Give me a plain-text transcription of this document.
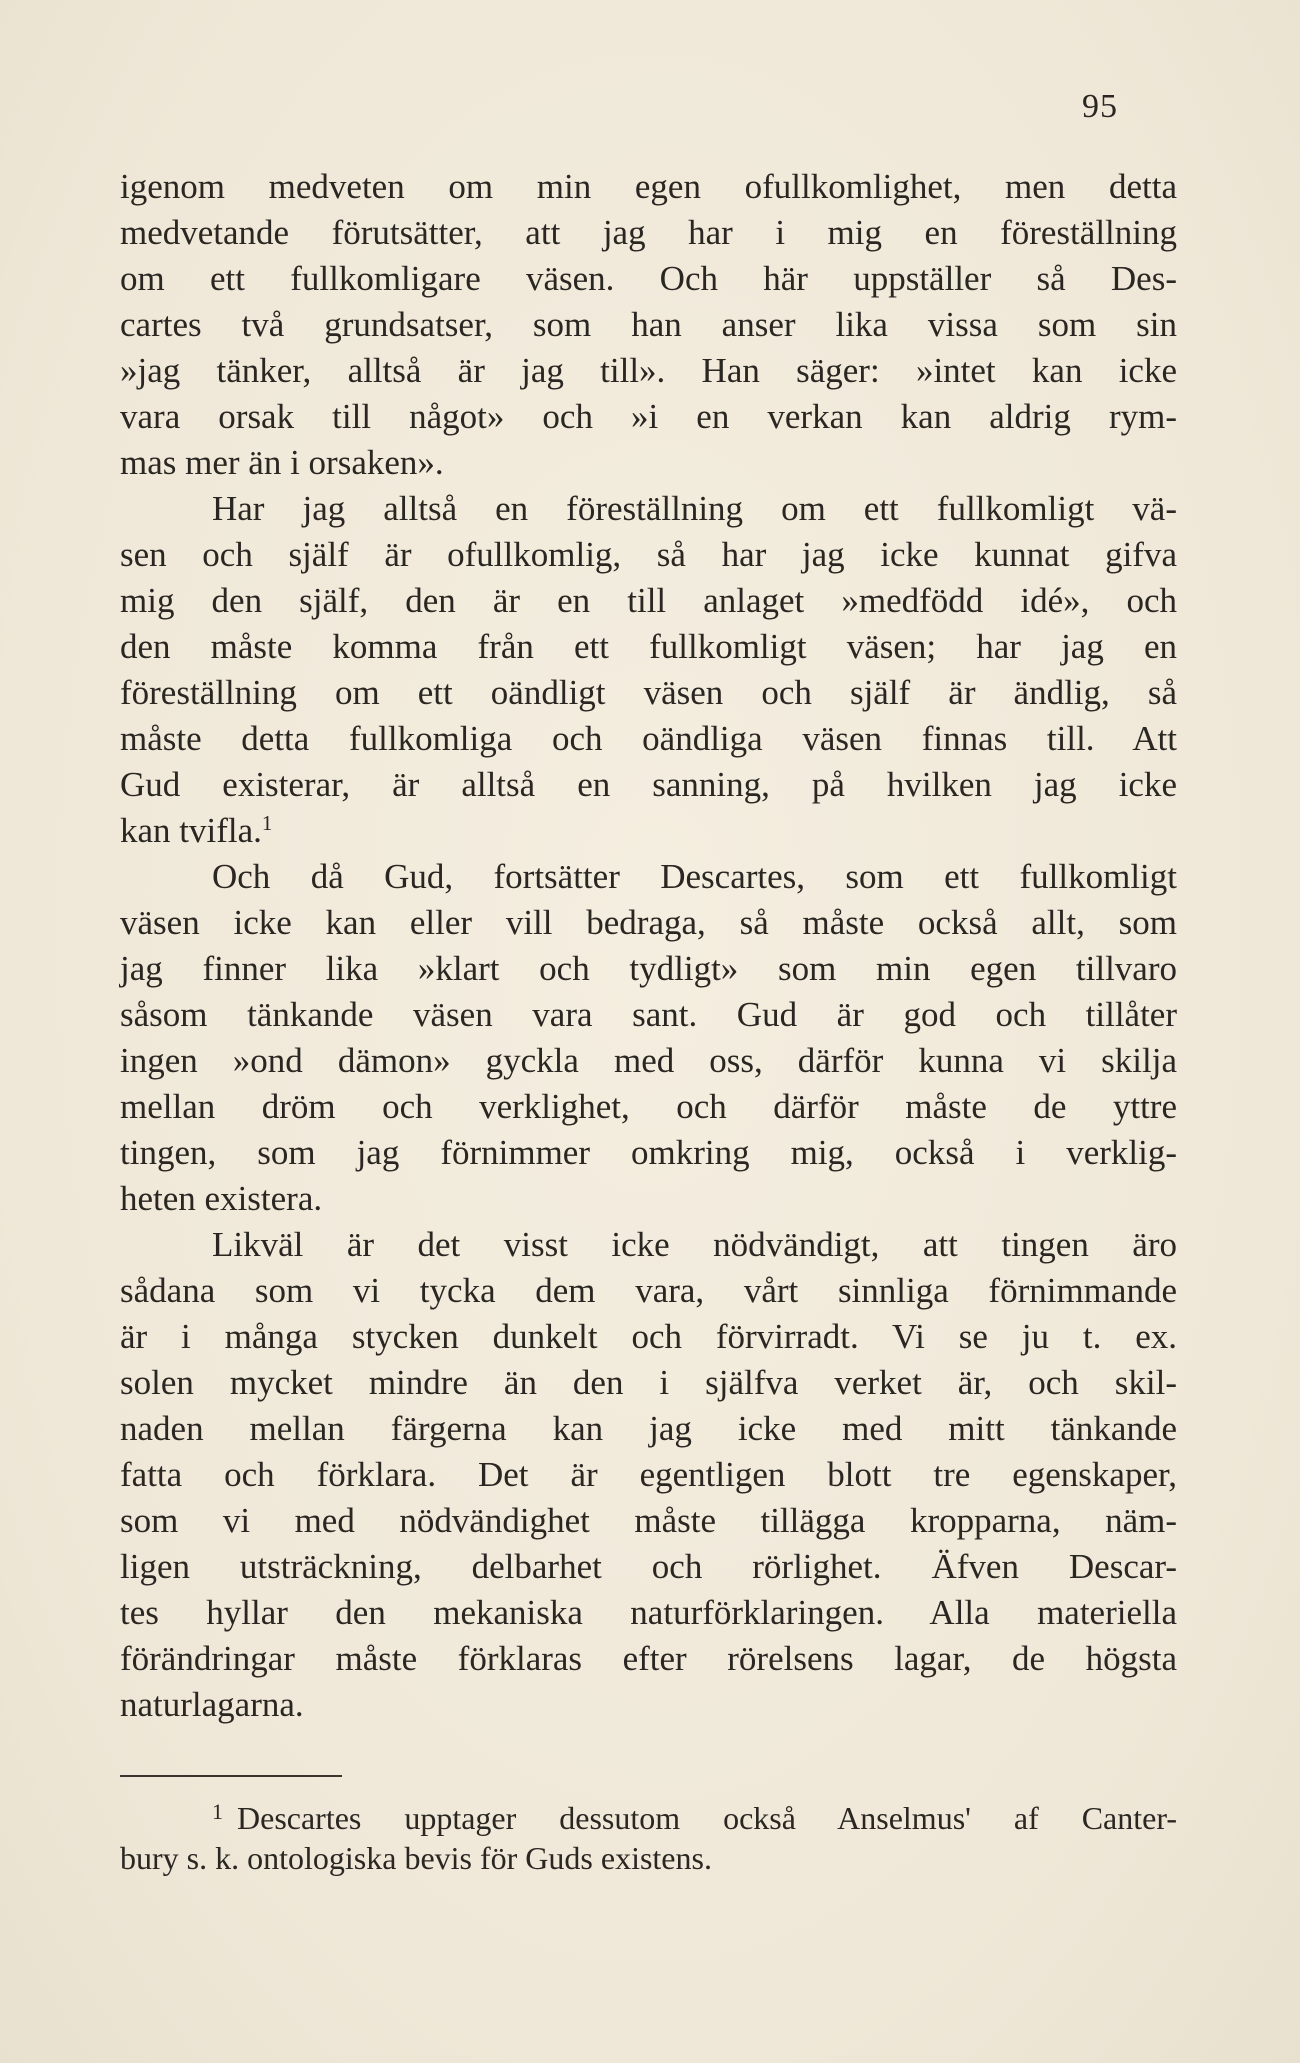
95
igenom medveten om min egen ofullkomlighet, men detta
medvetande förutsätter, att jag har i mig en föreställning
om ett fullkomligare väsen. Och här uppställer så Des-
cartes två grundsatser, som han anser lika vissa som sin
»jag tänker, alltså är jag till». Han säger: »intet kan icke
vara orsak till något» och »i en verkan kan aldrig rym-
mas mer än i orsaken».
Har jag alltså en föreställning om ett fullkomligt vä-
sen och själf är ofullkomlig, så har jag icke kunnat gifva
mig den själf, den är en till anlaget »medfödd idé», och
den måste komma från ett fullkomligt väsen; har jag en
föreställning om ett oändligt väsen och själf är ändlig, så
måste detta fullkomliga och oändliga väsen finnas till. Att
Gud existerar, är alltså en sanning, på hvilken jag icke
kan tvifla.$^1$
Och då Gud, fortsätter Descartes, som ett fullkomligt
väsen icke kan eller vill bedraga, så måste också allt, som
jag finner lika »klart och tydligt» som min egen tillvaro
såsom tänkande väsen vara sant. Gud är god och tillåter
ingen »ond dämon» gyckla med oss, därför kunna vi skilja
mellan dröm och verklighet, och därför måste de yttre
tingen, som jag förnimmer omkring mig, också i verklig-
heten existera.
Likväl är det visst icke nödvändigt, att tingen äro
sådana som vi tycka dem vara, vårt sinnliga förnimmande
är i många stycken dunkelt och förvirradt. Vi se ju t. ex.
solen mycket mindre än den i själfva verket är, och skil-
naden mellan färgerna kan jag icke med mitt tänkande
fatta och förklara. Det är egentligen blott tre egenskaper,
som vi med nödvändighet måste tillägga kropparna, näm-
ligen utsträckning, delbarhet och rörlighet. Äfven Descar-
tes hyllar den mekaniska naturförklaringen. Alla materiella
förändringar måste förklaras efter rörelsens lagar, de högsta
naturlagarna.
$^1$ Descartes upptager dessutom också Anselmus' af Canter-
bury s. k. ontologiska bevis för Guds existens.
